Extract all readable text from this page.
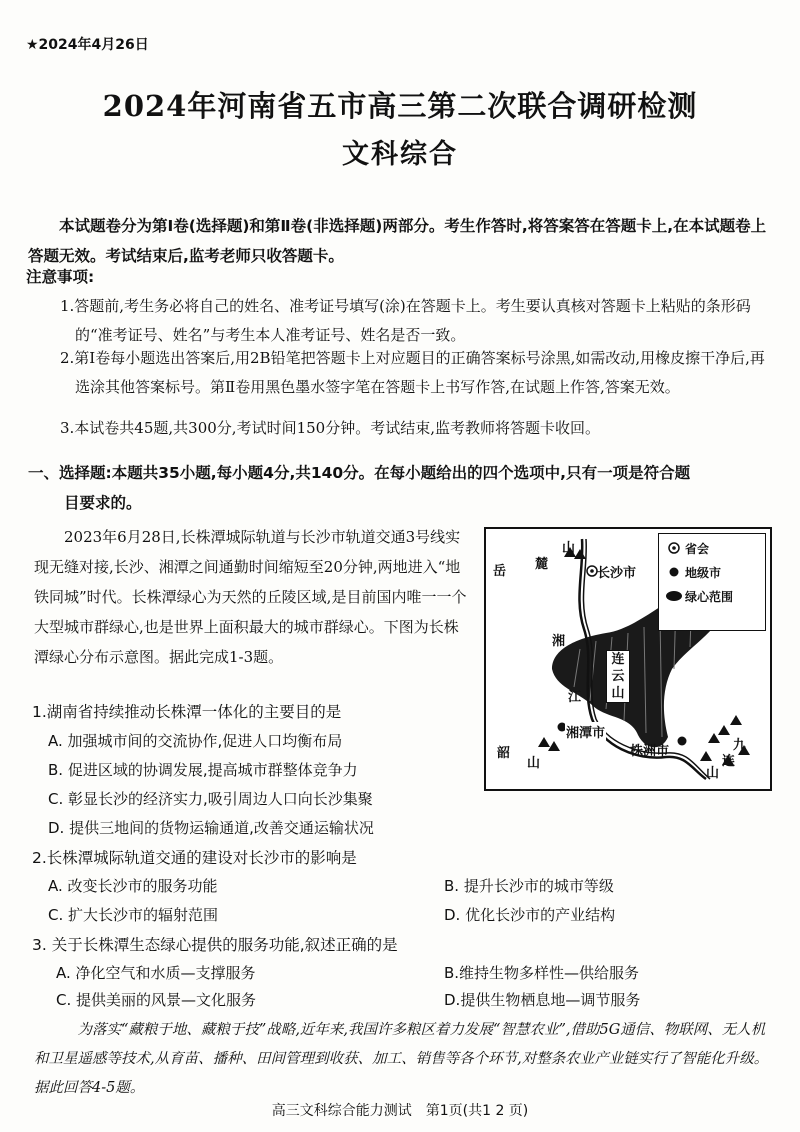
★2024年4月26日
2024年河南省五市高三第二次联合调研检测
文科综合
本试题卷分为第Ⅰ卷(选择题)和第Ⅱ卷(非选择题)两部分。考生作答时,将答案答在答题卡上,在本试题卷上答题无效。考试结束后,监考老师只收答题卡。
注意事项:
1.答题前,考生务必将自己的姓名、准考证号填写(涂)在答题卡上。考生要认真核对答题卡上粘贴的条形码的“准考证号、姓名”与考生本人准考证号、姓名是否一致。
2.第Ⅰ卷每小题选出答案后,用2B铅笔把答题卡上对应题目的正确答案标号涂黑,如需改动,用橡皮擦干净后,再选涂其他答案标号。第Ⅱ卷用黑色墨水签字笔在答题卡上书写作答,在试题上作答,答案无效。
3.本试卷共45题,共300分,考试时间150分钟。考试结束,监考教师将答题卡收回。
一、选择题:本题共35小题,每小题4分,共140分。在每小题给出的四个选项中,只有一项是符合题
目要求的。
2023年6月28日,长株潭城际轨道与长沙市轨道交通3号线实现无缝对接,长沙、湘潭之间通勤时间缩短至20分钟,两地进入“地铁同城”时代。长株潭绿心为天然的丘陵区域,是目前国内唯一一个大型城市群绿心,也是世界上面积最大的城市群绿心。下图为长株潭绿心分布示意图。据此完成1-3题。
麓
山
岳	长沙市
湘
江
连
云
山
湘潭市
株洲市
韶
山
九
连
山
省会
地级市
绿心范围
1.湖南省持续推动长株潭一体化的主要目的是
A. 加强城市间的交流协作,促进人口均衡布局
B. 促进区域的协调发展,提高城市群整体竞争力
C. 彰显长沙的经济实力,吸引周边人口向长沙集聚
D. 提供三地间的货物运输通道,改善交通运输状况
2.长株潭城际轨道交通的建设对长沙市的影响是
A. 改变长沙市的服务功能	B. 提升长沙市的城市等级
C. 扩大长沙市的辐射范围	D. 优化长沙市的产业结构
3. 关于长株潭生态绿心提供的服务功能,叙述正确的是
A. 净化空气和水质—支撑服务	B.维持生物多样性—供给服务
C. 提供美丽的风景—文化服务	D.提供生物栖息地—调节服务
为落实“藏粮于地、藏粮于技”战略,近年来,我国许多粮区着力发展“智慧农业”,借助5G通信、物联网、无人机和卫星遥感等技术,从育苗、播种、田间管理到收获、加工、销售等各个环节,对整条农业产业链实行了智能化升级。据此回答4-5题。
高三文科综合能力测试　第1页(共1 2 页)
